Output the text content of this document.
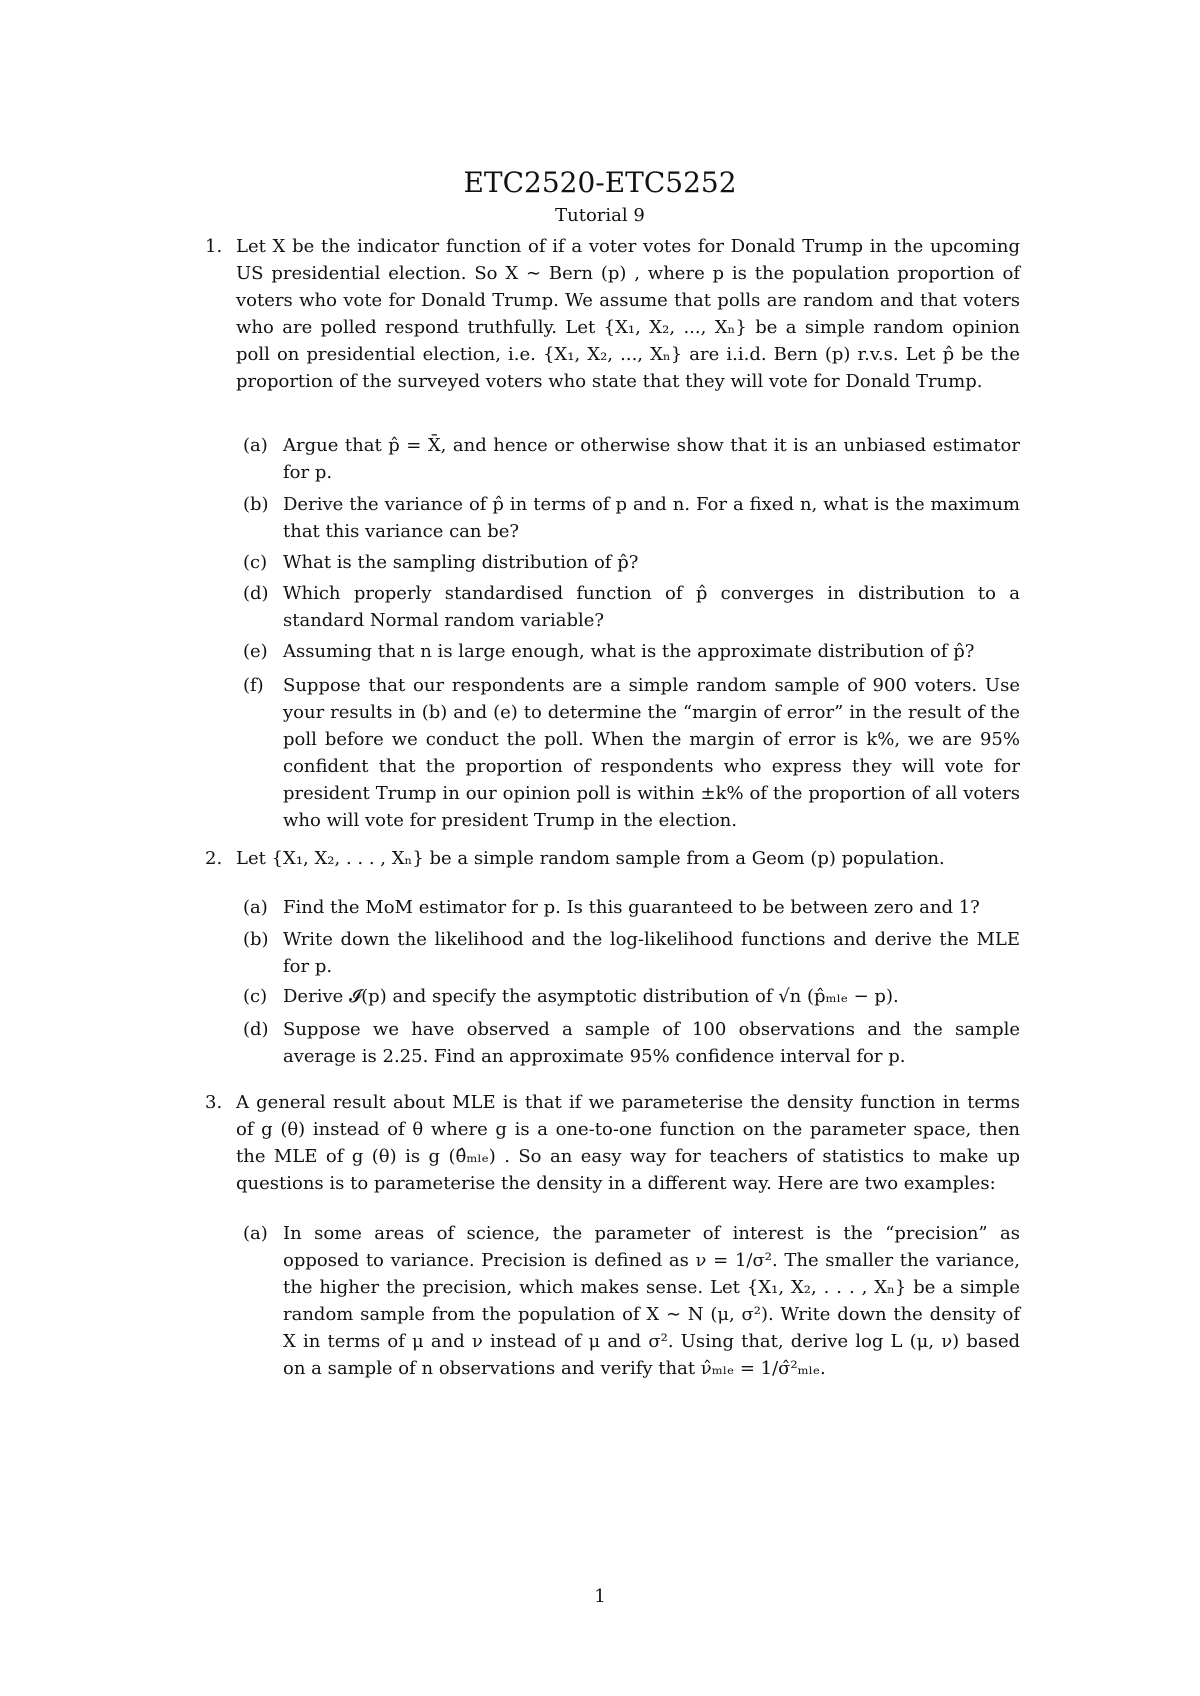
ETC2520-ETC5252
Tutorial 9
1. Let X be the indicator function of if a voter votes for Donald Trump in the upcoming US presidential election. So X ∼ Bern (p) , where p is the population proportion of voters who vote for Donald Trump. We assume that polls are random and that voters who are polled respond truthfully. Let {X₁, X₂, ..., Xₙ} be a simple random opinion poll on presidential election, i.e. {X₁, X₂, ..., Xₙ} are i.i.d. Bern (p) r.v.s. Let p̂ be the proportion of the surveyed voters who state that they will vote for Donald Trump.
(a) Argue that p̂ = X̄, and hence or otherwise show that it is an unbiased estimator for p.
(b) Derive the variance of p̂ in terms of p and n. For a fixed n, what is the maximum that this variance can be?
(c) What is the sampling distribution of p̂?
(d) Which properly standardised function of p̂ converges in distribution to a standard Normal random variable?
(e) Assuming that n is large enough, what is the approximate distribution of p̂?
(f) Suppose that our respondents are a simple random sample of 900 voters. Use your results in (b) and (e) to determine the “margin of error” in the result of the poll before we conduct the poll. When the margin of error is k%, we are 95% confident that the proportion of respondents who express they will vote for president Trump in our opinion poll is within ±k% of the proportion of all voters who will vote for president Trump in the election.
2. Let {X₁, X₂, . . . , Xₙ} be a simple random sample from a Geom (p) population.
(a) Find the MoM estimator for p. Is this guaranteed to be between zero and 1?
(b) Write down the likelihood and the log-likelihood functions and derive the MLE for p.
(c) Derive 𝓘(p) and specify the asymptotic distribution of √n (p̂ₘₗₑ − p).
(d) Suppose we have observed a sample of 100 observations and the sample average is 2.25. Find an approximate 95% confidence interval for p.
3. A general result about MLE is that if we parameterise the density function in terms of g (θ) instead of θ where g is a one-to-one function on the parameter space, then the MLE of g (θ) is g (θ̂ₘₗₑ) . So an easy way for teachers of statistics to make up questions is to parameterise the density in a different way. Here are two examples:
(a) In some areas of science, the parameter of interest is the “precision” as opposed to variance. Precision is defined as ν = 1/σ². The smaller the variance, the higher the precision, which makes sense. Let {X₁, X₂, . . . , Xₙ} be a simple random sample from the population of X ∼ N (μ, σ²). Write down the density of X in terms of μ and ν instead of μ and σ². Using that, derive log L (μ, ν) based on a sample of n observations and verify that ν̂ₘₗₑ = 1/σ̂²ₘₗₑ.
1
